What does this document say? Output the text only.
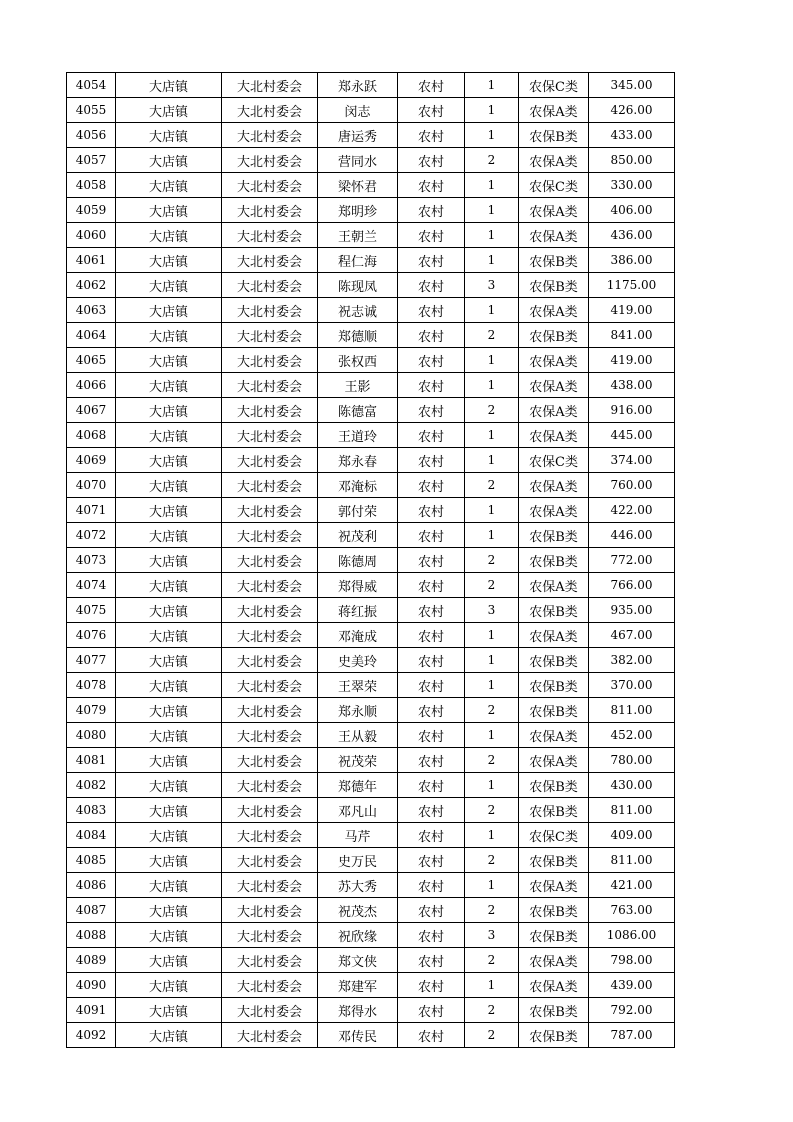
4054	大店镇	大北村委会	郑永跃	农村	1	农保C类	345.00
4055	大店镇	大北村委会	闵志	农村	1	农保A类	426.00
4056	大店镇	大北村委会	唐运秀	农村	1	农保B类	433.00
4057	大店镇	大北村委会	营同水	农村	2	农保A类	850.00
4058	大店镇	大北村委会	梁怀君	农村	1	农保C类	330.00
4059	大店镇	大北村委会	郑明珍	农村	1	农保A类	406.00
4060	大店镇	大北村委会	王朝兰	农村	1	农保A类	436.00
4061	大店镇	大北村委会	程仁海	农村	1	农保B类	386.00
4062	大店镇	大北村委会	陈现凤	农村	3	农保B类	1175.00
4063	大店镇	大北村委会	祝志诚	农村	1	农保A类	419.00
4064	大店镇	大北村委会	郑德顺	农村	2	农保B类	841.00
4065	大店镇	大北村委会	张权西	农村	1	农保A类	419.00
4066	大店镇	大北村委会	王影	农村	1	农保A类	438.00
4067	大店镇	大北村委会	陈德富	农村	2	农保A类	916.00
4068	大店镇	大北村委会	王道玲	农村	1	农保A类	445.00
4069	大店镇	大北村委会	郑永春	农村	1	农保C类	374.00
4070	大店镇	大北村委会	邓淹标	农村	2	农保A类	760.00
4071	大店镇	大北村委会	郭付荣	农村	1	农保A类	422.00
4072	大店镇	大北村委会	祝茂利	农村	1	农保B类	446.00
4073	大店镇	大北村委会	陈德周	农村	2	农保B类	772.00
4074	大店镇	大北村委会	郑得威	农村	2	农保A类	766.00
4075	大店镇	大北村委会	蒋红振	农村	3	农保B类	935.00
4076	大店镇	大北村委会	邓淹成	农村	1	农保A类	467.00
4077	大店镇	大北村委会	史美玲	农村	1	农保B类	382.00
4078	大店镇	大北村委会	王翠荣	农村	1	农保B类	370.00
4079	大店镇	大北村委会	郑永顺	农村	2	农保B类	811.00
4080	大店镇	大北村委会	王从毅	农村	1	农保A类	452.00
4081	大店镇	大北村委会	祝茂荣	农村	2	农保A类	780.00
4082	大店镇	大北村委会	郑德年	农村	1	农保B类	430.00
4083	大店镇	大北村委会	邓凡山	农村	2	农保B类	811.00
4084	大店镇	大北村委会	马芹	农村	1	农保C类	409.00
4085	大店镇	大北村委会	史万民	农村	2	农保B类	811.00
4086	大店镇	大北村委会	苏大秀	农村	1	农保A类	421.00
4087	大店镇	大北村委会	祝茂杰	农村	2	农保B类	763.00
4088	大店镇	大北村委会	祝欣缘	农村	3	农保B类	1086.00
4089	大店镇	大北村委会	郑文侠	农村	2	农保A类	798.00
4090	大店镇	大北村委会	郑建军	农村	1	农保A类	439.00
4091	大店镇	大北村委会	郑得水	农村	2	农保B类	792.00
4092	大店镇	大北村委会	邓传民	农村	2	农保B类	787.00
